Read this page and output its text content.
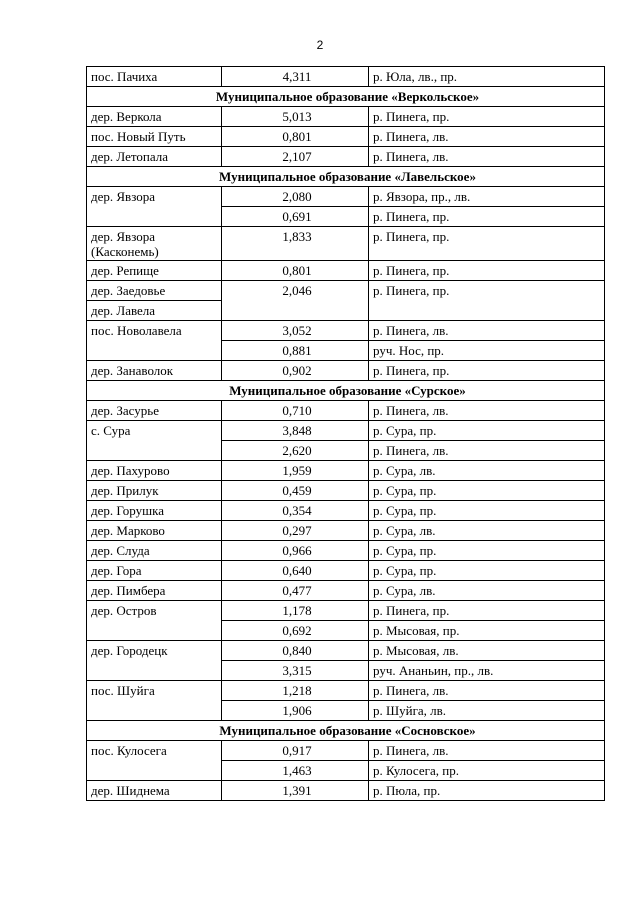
2
пос. Пачиха	4,311	р. Юла, лв., пр.
Муниципальное образование «Веркольское»		
дер. Веркола	5,013	р. Пинега, пр.
пос. Новый Путь	0,801	р. Пинега, лв.
дер. Летопала	2,107	р. Пинега, лв.
Муниципальное образование «Лавельское»		
дер. Явзора	2,080	р. Явзора, пр., лв.
	0,691	р. Пинега, пр.
дер. Явзора (Касконемь)	1,833	р. Пинега, пр.
дер. Репище	0,801	р. Пинега, пр.
дер. Заедовье	2,046	р. Пинега, пр.
дер. Лавела		
пос. Новолавела	3,052	р. Пинега, лв.
	0,881	руч. Нос, пр.
дер. Занаволок	0,902	р. Пинега, пр.
Муниципальное образование «Сурское»		
дер. Засурье	0,710	р. Пинега, лв.
с. Сура	3,848	р. Сура, пр.
	2,620	р. Пинега, лв.
дер. Пахурово	1,959	р. Сура, лв.
дер. Прилук	0,459	р. Сура, пр.
дер. Горушка	0,354	р. Сура, пр.
дер. Марково	0,297	р. Сура, лв.
дер. Слуда	0,966	р. Сура, пр.
дер. Гора	0,640	р. Сура, пр.
дер. Пимбера	0,477	р. Сура, лв.
дер. Остров	1,178	р. Пинега, пр.
	0,692	р. Мысовая, пр.
дер. Городецк	0,840	р. Мысовая, лв.
	3,315	руч. Ананьин, пр., лв.
пос. Шуйга	1,218	р. Пинега, лв.
	1,906	р. Шуйга, лв.
Муниципальное образование «Сосновское»		
пос. Кулосега	0,917	р. Пинега, лв.
	1,463	р. Кулосега, пр.
дер. Шиднема	1,391	р. Пюла, пр.
